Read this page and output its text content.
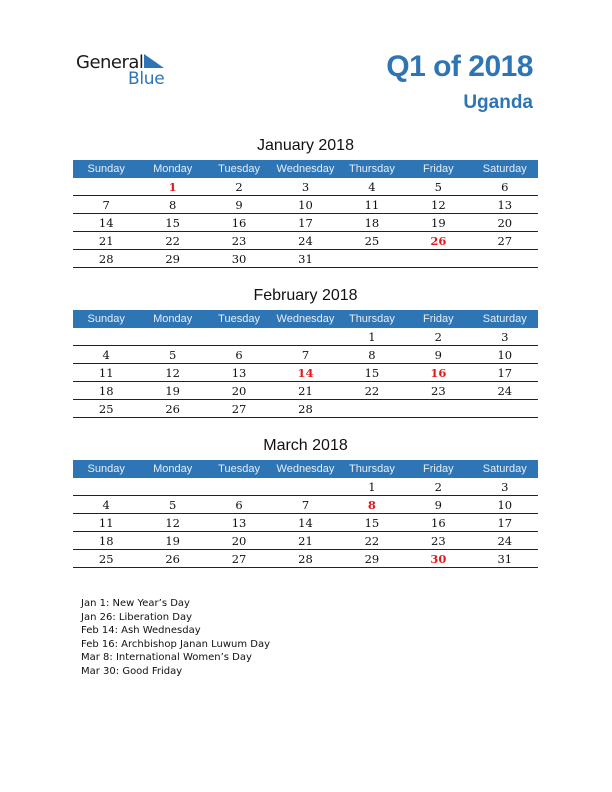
General
Blue	Q1 of 2018
Uganda
January 2018
Sunday	Monday	Tuesday	Wednesday	Thursday	Friday	Saturday
	1	2	3	4	5	6
7	8	9	10	11	12	13
14	15	16	17	18	19	20
21	22	23	24	25	26	27
28	29	30	31			
February 2018
Sunday	Monday	Tuesday	Wednesday	Thursday	Friday	Saturday
				1	2	3
4	5	6	7	8	9	10
11	12	13	14	15	16	17
18	19	20	21	22	23	24
25	26	27	28			
March 2018
Sunday	Monday	Tuesday	Wednesday	Thursday	Friday	Saturday
				1	2	3
4	5	6	7	8	9	10
11	12	13	14	15	16	17
18	19	20	21	22	23	24
25	26	27	28	29	30	31
Jan 1: New Year’s Day
Jan 26: Liberation Day
Feb 14: Ash Wednesday
Feb 16: Archbishop Janan Luwum Day
Mar 8: International Women’s Day
Mar 30: Good Friday
